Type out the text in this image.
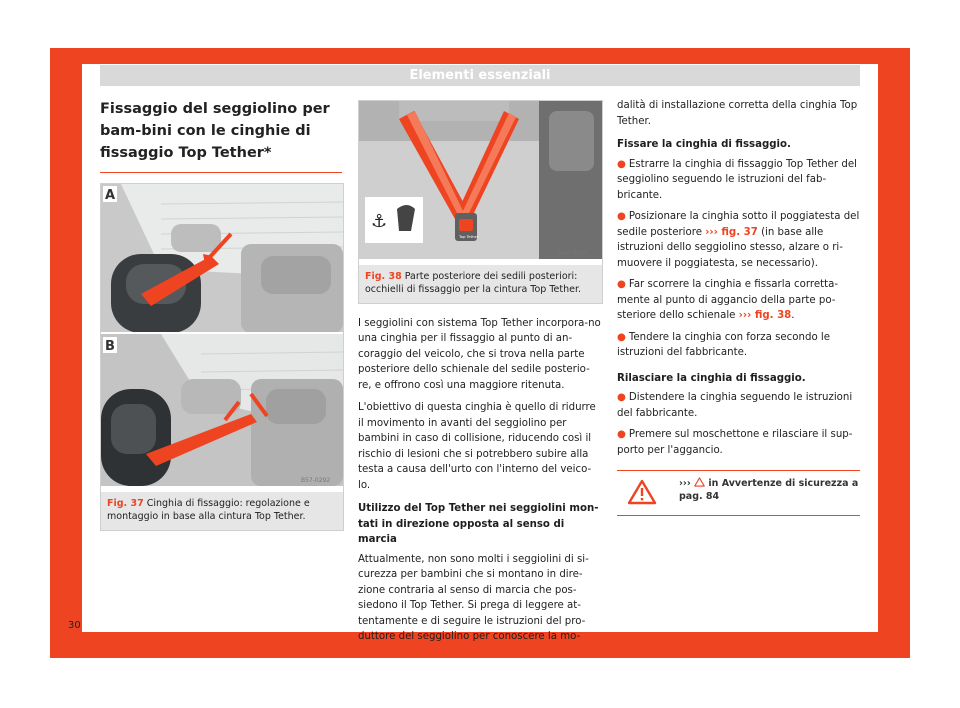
Elementi essenziali
Fissaggio del seggiolino per bam-bini con le cinghie di fissaggio Top Tether*
A
B
B57-0292
Fig. 37 Cinghia di fissaggio: regolazione e montaggio in base alla cintura Top Tether.
Top Tether
⚓
B6F-0095
Fig. 38 Parte posteriore dei sedili posteriori: occhielli di fissaggio per la cintura Top Tether.

I seggiolini con sistema Top Tether incorpora-no una cinghia per il fissaggio al punto di an-coraggio del veicolo, che si trova nella parte posteriore dello schienale del sedile posterio-re, e offrono così una maggiore ritenuta.

L'obiettivo di questa cinghia è quello di ridurre il movimento in avanti del seggiolino per bambini in caso di collisione, riducendo così il rischio di lesioni che si potrebbero subire alla testa a causa dell'urto con l'interno del veico-lo.

Utilizzo del Top Tether nei seggiolini mon-tati in direzione opposta al senso di marcia

Attualmente, non sono molti i seggiolini di si-curezza per bambini che si montano in dire-zione contraria al senso di marcia che pos-siedono il Top Tether. Si prega di leggere at-tentamente e di seguire le istruzioni del pro-duttore del seggiolino per conoscere la mo-

dalità di installazione corretta della cinghia Top Tether.

Fissare la cinghia di fissaggio.
● Estrarre la cinghia di fissaggio Top Tether del seggiolino seguendo le istruzioni del fab-bricante.
● Posizionare la cinghia sotto il poggiatesta del sedile posteriore ››› fig. 37 (in base alle istruzioni dello seggiolino stesso, alzare o ri-muovere il poggiatesta, se necessario).
● Far scorrere la cinghia e fissarla corretta-mente al punto di aggancio della parte po-steriore dello schienale ››› fig. 38.
● Tendere la cinghia con forza secondo le istruzioni del fabbricante.
Rilasciare la cinghia di fissaggio.
● Distendere la cinghia seguendo le istruzioni del fabbricante.
● Premere sul moschettone e rilasciare il sup-porto per l'aggancio.
››› in Avvertenze di sicurezza a pag. 84
30
